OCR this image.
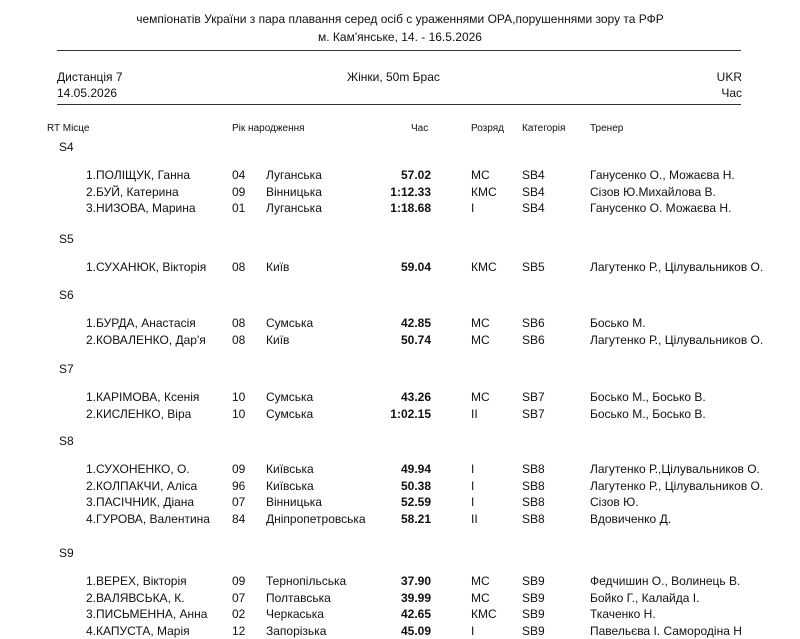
чемпіонатів України з пара плавання серед осіб с ураженнями ОРА,порушеннями зору та РФР
м. Кам'янське, 14. - 16.5.2026
Дистанція 7
14.05.2026
Жінки, 50m Брас	UKR
Час
RT Місце	Рік народження	Час	Розряд Категорія Тренер
S4
1.ПОЛІЩУК, Ганна	04 Луганська	57.02	МС	SB4	Ганусенко О., Можаєва Н.
2.БУЙ, Катерина	09 Вінницька	1:12.33	КМС SB4	Сізов Ю.Михайлова В.
3.НИЗОВА, Марина	01 Луганська	1:18.68	І	SB4	Ганусенко О. Можаєва Н.
S5
1.СУХАНЮК, Вікторія 08 Київ	59.04	КМС SB5	Лагутенко Р., Цілувальников О.
S6
1.БУРДА, Анастасія	08 Сумська	42.85	МС	SB6	Босько М.
2.КОВАЛЕНКО, Дар'я 08 Київ	50.74	МС	SB6	Лагутенко Р., Цілувальников О.
S7
1.КАРІМОВА, Ксенія	10 Сумська	43.26	МС	SB7	Босько М., Босько В.
2.КИСЛЕНКО, Віра	10 Сумська	1:02.15	ІІ	SB7	Босько М., Босько В.
S8
1.СУХОНЕНКО, О.	09 Київська	49.94	І	SB8	Лагутенко Р.,Цілувальников О.
2.КОЛПАКЧИ, Аліса	96 Київська	50.38	І	SB8	Лагутенко Р., Цілувальников О.
3.ПАСІЧНИК, Діана	07 Вінницька	52.59	І	SB8	Сізов Ю.
4.ГУРОВА, Валентина 84 Дніпропетровська	58.21	ІІ	SB8	Вдовиченко Д.
S9
1.ВЕРЕХ, Вікторія	09 Тернопільська	37.90	МС	SB9	Федчишин О., Волинець В.
2.ВАЛЯВСЬКА, К.	07 Полтавська	39.99	МС	SB9	Бойко Г., Калайда І.
3.ПИСЬМЕННА, Анна 02 Черкаська	42.65	КМС SB9	Ткаченко Н.
4.КАПУСТА, Марія	12 Запорізька	45.09	І	SB9	Павельєва І. Самородіна Н
